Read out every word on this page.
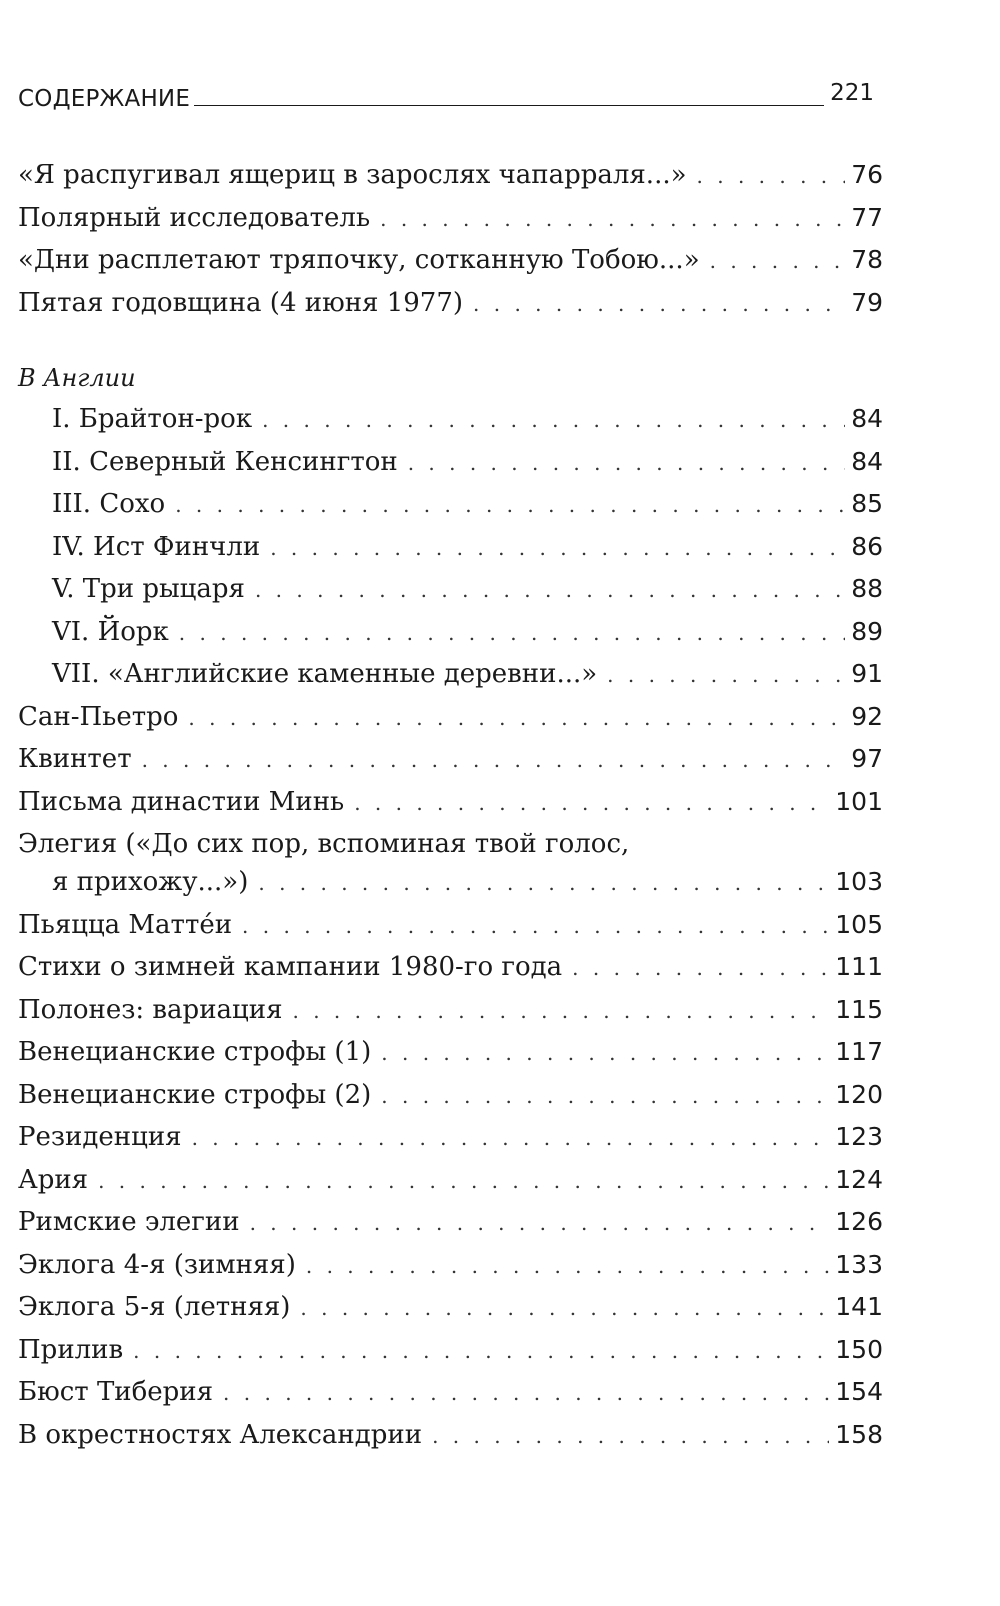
СОДЕРЖАНИЕ	221
«Я распугивал ящериц в зарослях чапарраля...» . . .	76
Полярный исследователь . . .	77
«Дни расплетают тряпочку, сотканную Тобою...» . . .	78
Пятая годовщина (4 июня 1977) . . .	79
В Англии
I. Брайтон-рок . . .	84
II. Северный Кенсингтон . . .	84
III. Сохо . . .	85
IV. Ист Финчли . . .	86
V. Три рыцаря . . .	88
VI. Йорк . . .	89
VII. «Английские каменные деревни...» . . .	91
Сан-Пьетро . . .	92
Квинтет . . .	97
Письма династии Минь . . .	101
Элегия («До сих пор, вспоминая твой голос,
я прихожу...») . . .	103
Пьяцца Маттéи . . .	105
Стихи о зимней кампании 1980-го года . . .	111
Полонез: вариация . . .	115
Венецианские строфы (1) . . .	117
Венецианские строфы (2) . . .	120
Резиденция . . .	123
Ария . . .	124
Римские элегии . . .	126
Эклога 4-я (зимняя) . . .	133
Эклога 5-я (летняя) . . .	141
Прилив . . .	150
Бюст Тиберия . . .	154
В окрестностях Александрии . . .	158
